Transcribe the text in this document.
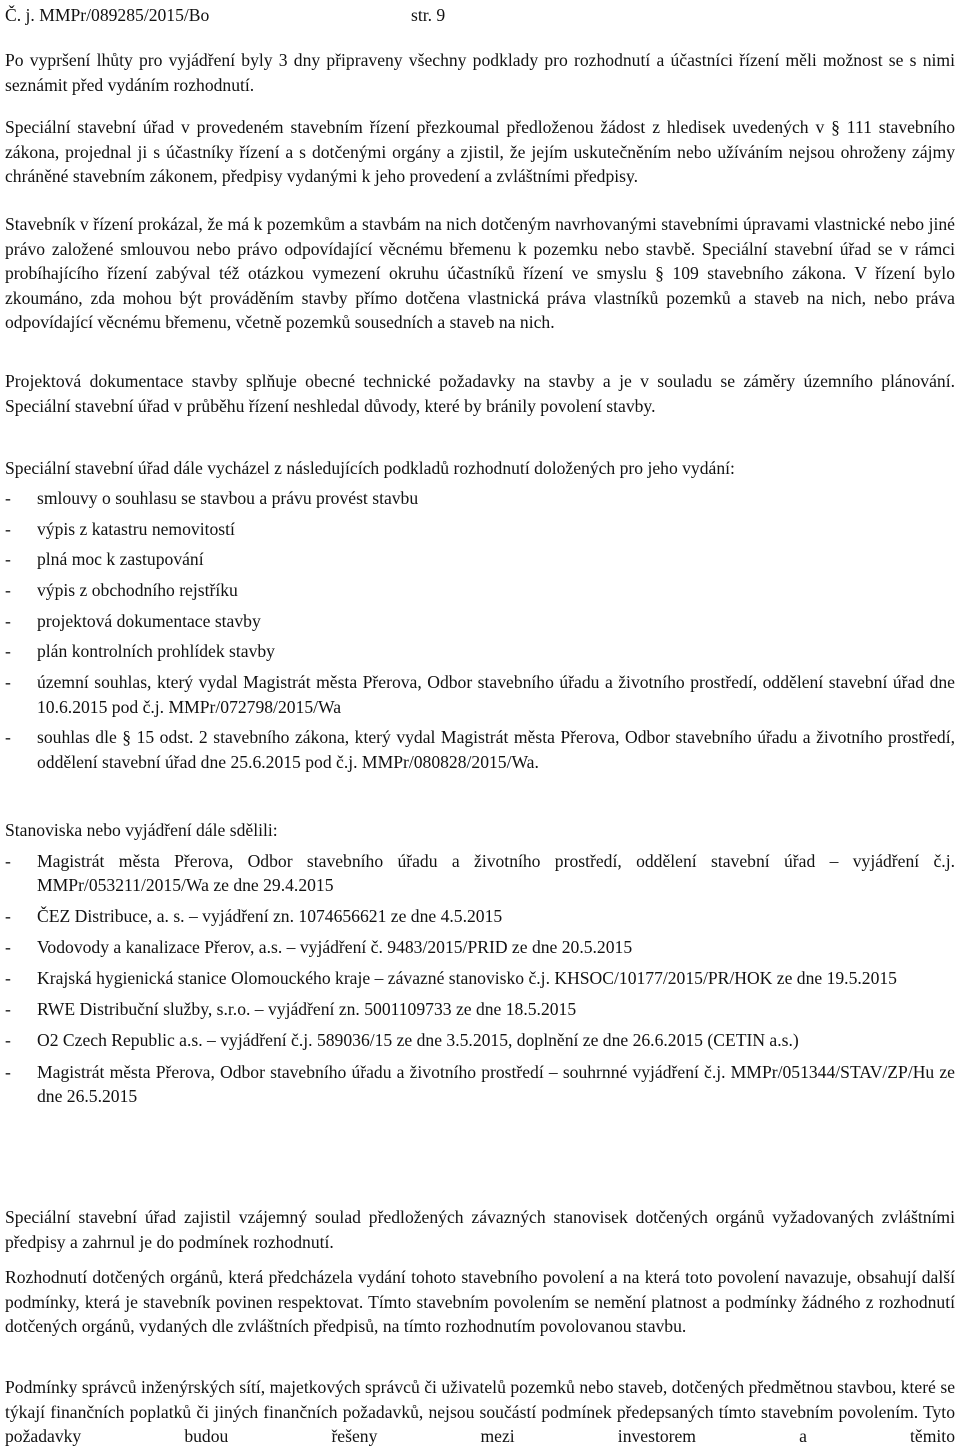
Č. j. MMPr/089285/2015/Bo	str. 9

Po vypršení lhůty pro vyjádření byly 3 dny připraveny všechny podklady pro rozhodnutí a účastníci řízení měli možnost se s nimi seznámit před vydáním rozhodnutí.

Speciální stavební úřad v provedeném stavebním řízení přezkoumal předloženou žádost z hledisek uvedených v § 111 stavebního zákona, projednal ji s účastníky řízení a s dotčenými orgány a zjistil, že jejím uskutečněním nebo užíváním nejsou ohroženy zájmy chráněné stavebním zákonem, předpisy vydanými k jeho provedení a zvláštními předpisy.

Stavebník v řízení prokázal, že má k pozemkům a stavbám na nich dotčeným navrhovanými stavebními úpravami vlastnické nebo jiné právo založené smlouvou nebo právo odpovídající věcnému břemenu k pozemku nebo stavbě. Speciální stavební úřad se v rámci probíhajícího řízení zabýval též otázkou vymezení okruhu účastníků řízení ve smyslu § 109 stavebního zákona. V řízení bylo zkoumáno, zda mohou být prováděním stavby přímo dotčena vlastnická práva vlastníků pozemků a staveb na nich, nebo práva odpovídající věcnému břemenu, včetně pozemků sousedních a staveb na nich.

Projektová dokumentace stavby splňuje obecné technické požadavky na stavby a je v souladu se záměry územního plánování. Speciální stavební úřad v průběhu řízení neshledal důvody, které by bránily povolení stavby.

Speciální stavební úřad dále vycházel z následujících podkladů rozhodnutí doložených pro jeho vydání:

- smlouvy o souhlasu se stavbou a právu provést stavbu
- výpis z katastru nemovitostí
- plná moc k zastupování
- výpis z obchodního rejstříku
- projektová dokumentace stavby
- plán kontrolních prohlídek stavby
- územní souhlas, který vydal Magistrát města Přerova, Odbor stavebního úřadu a životního prostředí, oddělení stavební úřad dne 10.6.2015 pod č.j. MMPr/072798/2015/Wa
- souhlas dle § 15 odst. 2 stavebního zákona, který vydal Magistrát města Přerova, Odbor stavebního úřadu a životního prostředí, oddělení stavební úřad dne 25.6.2015 pod č.j. MMPr/080828/2015/Wa.

Stanoviska nebo vyjádření dále sdělili:

- Magistrát města Přerova, Odbor stavebního úřadu a životního prostředí, oddělení stavební úřad – vyjádření č.j. MMPr/053211/2015/Wa ze dne 29.4.2015
- ČEZ Distribuce, a. s. – vyjádření zn. 1074656621 ze dne 4.5.2015
- Vodovody a kanalizace Přerov, a.s. – vyjádření č. 9483/2015/PRID ze dne 20.5.2015
- Krajská hygienická stanice Olomouckého kraje – závazné stanovisko č.j. KHSOC/10177/2015/PR/HOK ze dne 19.5.2015
- RWE Distribuční služby, s.r.o. – vyjádření zn. 5001109733 ze dne 18.5.2015
- O2 Czech Republic a.s. – vyjádření č.j. 589036/15 ze dne 3.5.2015, doplnění ze dne 26.6.2015 (CETIN a.s.)
- Magistrát města Přerova, Odbor stavebního úřadu a životního prostředí – souhrnné vyjádření č.j. MMPr/051344/STAV/ZP/Hu ze dne 26.5.2015

Speciální stavební úřad zajistil vzájemný soulad předložených závazných stanovisek dotčených orgánů vyžadovaných zvláštními předpisy a zahrnul je do podmínek rozhodnutí.

Rozhodnutí dotčených orgánů, která předcházela vydání tohoto stavebního povolení a na která toto povolení navazuje, obsahují další podmínky, která je stavebník povinen respektovat. Tímto stavebním povolením se nemění platnost a podmínky žádného z rozhodnutí dotčených orgánů, vydaných dle zvláštních předpisů, na tímto rozhodnutím povolovanou stavbu.

Podmínky správců inženýrských sítí, majetkových správců či uživatelů pozemků nebo staveb, dotčených předmětnou stavbou, které se týkají finančních poplatků či jiných finančních požadavků, nejsou součástí podmínek předepsaných tímto stavebním povolením. Tyto požadavky budou řešeny mezi investorem a těmito
